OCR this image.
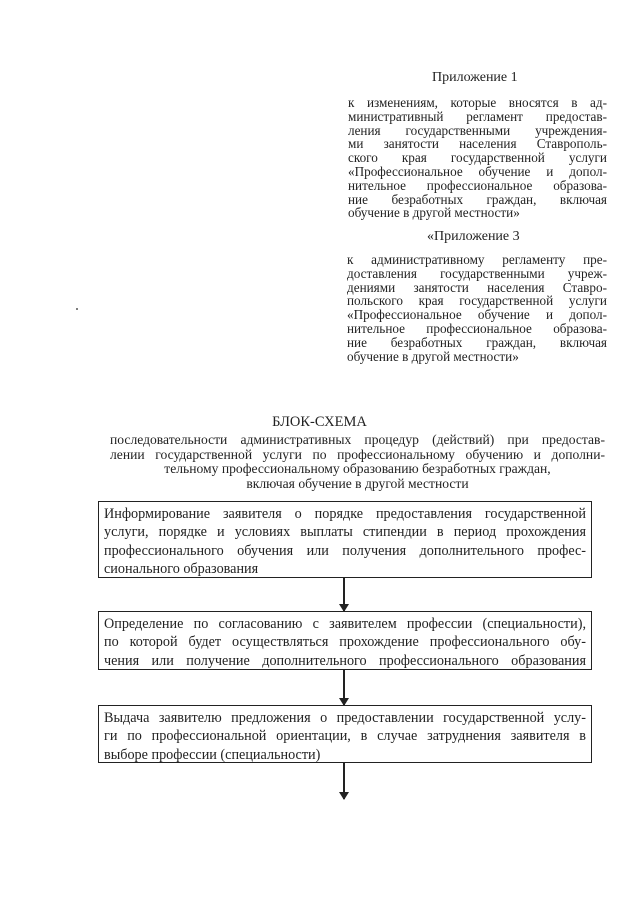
Приложение 1
к изменениям, которые вносятся в ад-
министративный регламент предостав-
ления государственными учреждения-
ми занятости населения Ставрополь-
ского края государственной услуги
«Профессиональное обучение и допол-
нительное профессиональное образова-
ние безработных граждан, включая
обучение в другой местности»
«Приложение 3
к административному регламенту пре-
доставления государственными учреж-
дениями занятости населения Ставро-
польского края государственной услуги
«Профессиональное обучение и допол-
нительное профессиональное образова-
ние безработных граждан, включая
обучение в другой местности»
БЛОК-СХЕМА
последовательности административных процедур (действий) при предостав-
лении государственной услуги по профессиональному обучению и дополни-
тельному профессиональному образованию безработных граждан,
включая обучение в другой местности
Информирование заявителя о порядке предоставления государственной
услуги, порядке и условиях выплаты стипендии в период прохождения
профессионального обучения или получения дополнительного профес-
сионального образования
Определение по согласованию с заявителем профессии (специальности),
по которой будет осуществляться прохождение профессионального обу-
чения или получение дополнительного профессионального образования
Выдача заявителю предложения о предоставлении государственной услу-
ги по профессиональной ориентации, в случае затруднения заявителя в
выборе профессии (специальности)
